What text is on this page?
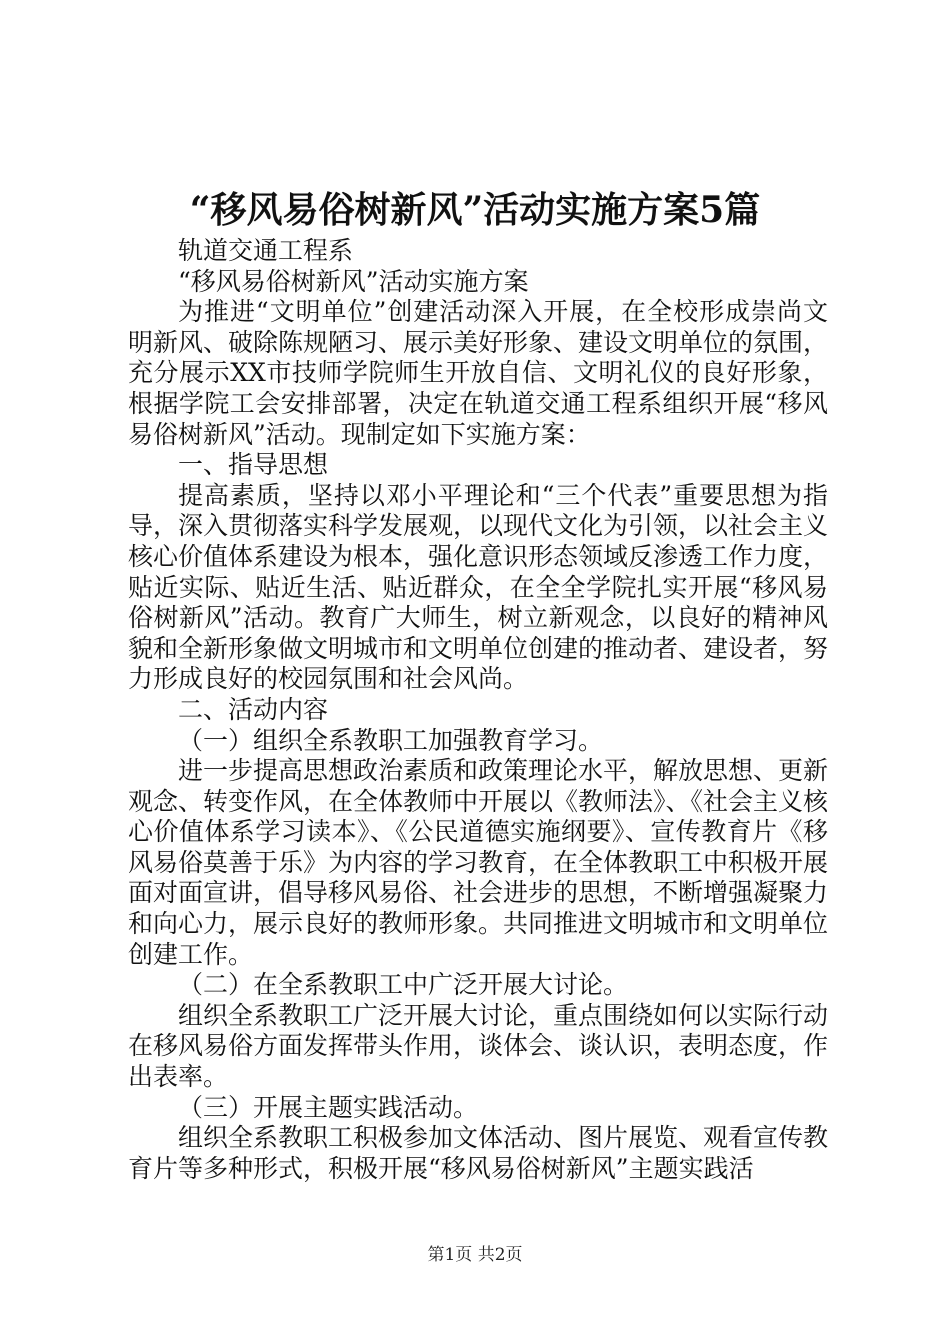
“移风易俗树新风”活动实施方案5篇

轨道交通工程系

“移风易俗树新风”活动实施方案

为推进“文明单位”创建活动深入开展，在全校形成崇尚文明新风、破除陈规陋习、展示美好形象、建设文明单位的氛围，充分展示XX市技师学院师生开放自信、文明礼仪的良好形象，根据学院工会安排部署，决定在轨道交通工程系组织开展“移风易俗树新风”活动。现制定如下实施方案：

一、指导思想

提高素质，坚持以邓小平理论和“三个代表”重要思想为指导，深入贯彻落实科学发展观，以现代文化为引领，以社会主义核心价值体系建设为根本，强化意识形态领域反渗透工作力度，贴近实际、贴近生活、贴近群众，在全全学院扎实开展“移风易俗树新风”活动。教育广大师生，树立新观念，以良好的精神风貌和全新形象做文明城市和文明单位创建的推动者、建设者，努力形成良好的校园氛围和社会风尚。

二、活动内容

（一）组织全系教职工加强教育学习。

进一步提高思想政治素质和政策理论水平，解放思想、更新观念、转变作风，在全体教师中开展以《教师法》、《社会主义核心价值体系学习读本》、《公民道德实施纲要》、宣传教育片《移风易俗莫善于乐》为内容的学习教育，在全体教职工中积极开展面对面宣讲，倡导移风易俗、社会进步的思想，不断增强凝聚力和向心力，展示良好的教师形象。共同推进文明城市和文明单位创建工作。

（二）在全系教职工中广泛开展大讨论。

组织全系教职工广泛开展大讨论，重点围绕如何以实际行动在移风易俗方面发挥带头作用，谈体会、谈认识，表明态度，作出表率。

（三）开展主题实践活动。

组织全系教职工积极参加文体活动、图片展览、观看宣传教育片等多种形式，积极开展“移风易俗树新风”主题实践活

第1页 共2页
